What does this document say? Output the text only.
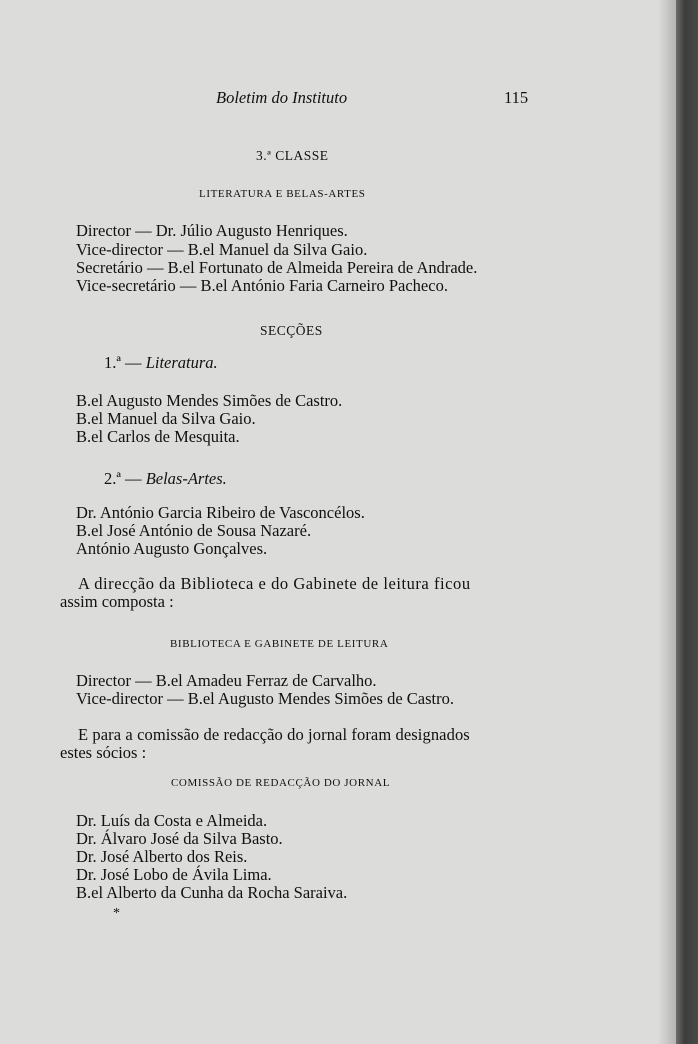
Boletim do Instituto	115
3.ª CLASSE
LITERATURA E BELAS-ARTES
Director — Dr. Júlio Augusto Henriques.
Vice-director — B.el Manuel da Silva Gaio.
Secretário — B.el Fortunato de Almeida Pereira de Andrade.
Vice-secretário — B.el António Faria Carneiro Pacheco.
SECÇÕES
1.ª — Literatura.
B.el Augusto Mendes Simões de Castro.
B.el Manuel da Silva Gaio.
B.el Carlos de Mesquita.
2.ª — Belas-Artes.
Dr. António Garcia Ribeiro de Vasconcélos.
B.el José António de Sousa Nazaré.
António Augusto Gonçalves.
A direcção da Biblioteca e do Gabinete de leitura ficou
assim composta :
BIBLIOTECA E GABINETE DE LEITURA
Director — B.el Amadeu Ferraz de Carvalho.
Vice-director — B.el Augusto Mendes Simões de Castro.
E para a comissão de redacção do jornal foram designados
estes sócios :
COMISSÃO DE REDACÇÃO DO JORNAL
Dr. Luís da Costa e Almeida.
Dr. Álvaro José da Silva Basto.
Dr. José Alberto dos Reis.
Dr. José Lobo de Ávila Lima.
B.el Alberto da Cunha da Rocha Saraiva.
*
